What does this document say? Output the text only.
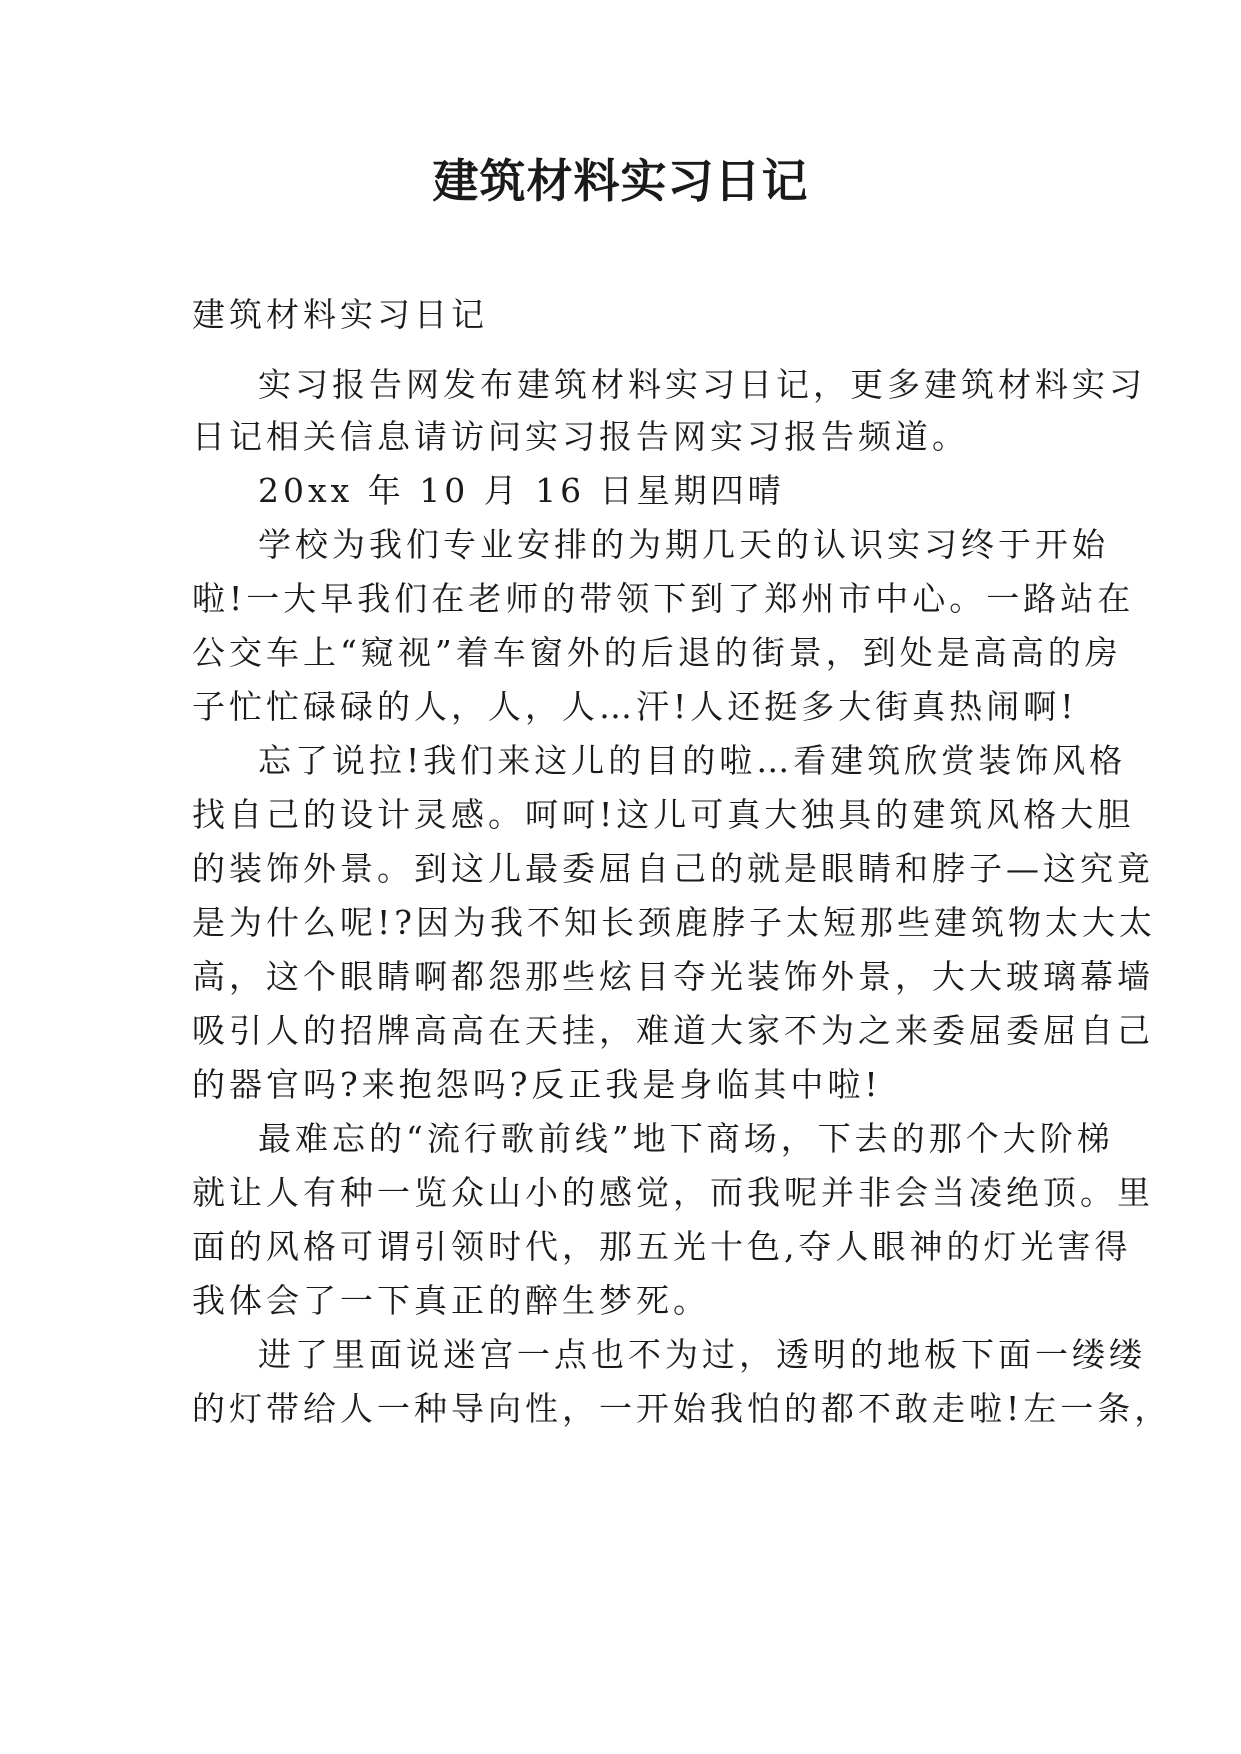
建筑材料实习日记

建筑材料实习日记

实习报告网发布建筑材料实习日记，更多建筑材料实习

日记相关信息请访问实习报告网实习报告频道。

20xx 年 10 月 16 日星期四晴

学校为我们专业安排的为期几天的认识实习终于开始

啦!一大早我们在老师的带领下到了郑州市中心。一路站在

公交车上“窥视”着车窗外的后退的街景，到处是高高的房

子忙忙碌碌的人，人，人…汗!人还挺多大街真热闹啊!

忘了说拉!我们来这儿的目的啦…看建筑欣赏装饰风格

找自己的设计灵感。呵呵!这儿可真大独具的建筑风格大胆

的装饰外景。到这儿最委屈自己的就是眼睛和脖子—这究竟

是为什么呢!?因为我不知长颈鹿脖子太短那些建筑物太大太

高，这个眼睛啊都怨那些炫目夺光装饰外景，大大玻璃幕墙

吸引人的招牌高高在天挂，难道大家不为之来委屈委屈自己

的器官吗?来抱怨吗?反正我是身临其中啦!

最难忘的“流行歌前线”地下商场，下去的那个大阶梯

就让人有种一览众山小的感觉，而我呢并非会当凌绝顶。里

面的风格可谓引领时代，那五光十色,夺人眼神的灯光害得

我体会了一下真正的醉生梦死。

进了里面说迷宫一点也不为过，透明的地板下面一缕缕

的灯带给人一种导向性，一开始我怕的都不敢走啦!左一条，
